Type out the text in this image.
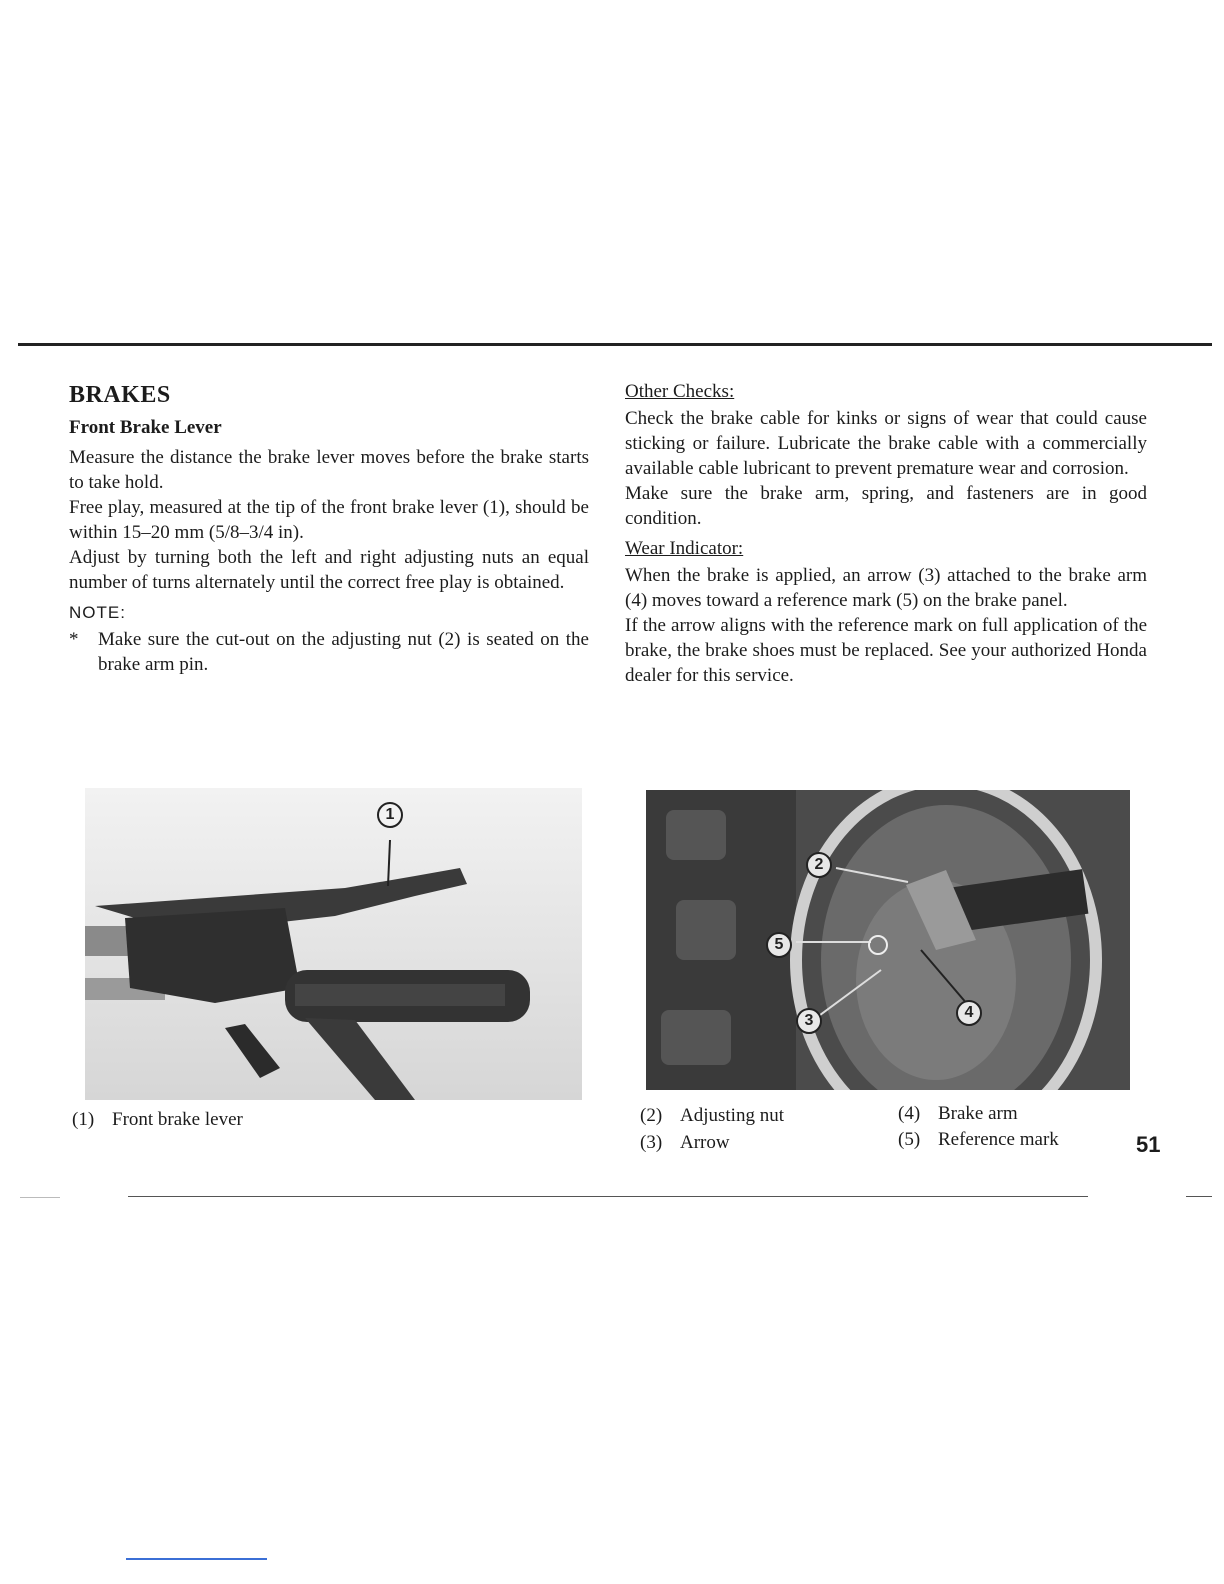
BRAKES
Front Brake Lever

Measure the distance the brake lever moves before the brake starts to take hold.

Free play, measured at the tip of the front brake lever (1), should be within 15–20 mm (5/8–3/4 in).

Adjust by turning both the left and right adjusting nuts an equal number of turns alternately until the correct free play is obtained.

NOTE:
*	Make sure the cut-out on the adjusting nut (2) is seated on the brake arm pin.
Other Checks:

Check the brake cable for kinks or signs of wear that could cause sticking or failure. Lubricate the brake cable with a commercially available cable lubricant to prevent premature wear and corrosion.

Make sure the brake arm, spring, and fasteners are in good condition.

Wear Indicator:

When the brake is applied, an arrow (3) attached to the brake arm (4) moves toward a reference mark (5) on the brake panel.

If the arrow aligns with the reference mark on full application of the brake, the brake shoes must be replaced. See your authorized Honda dealer for this service.

1
2
5
3	4
(1) Front brake lever	(2) Adjusting nut
(3) Arrow
(4) Brake arm
(5) Reference mark	51
